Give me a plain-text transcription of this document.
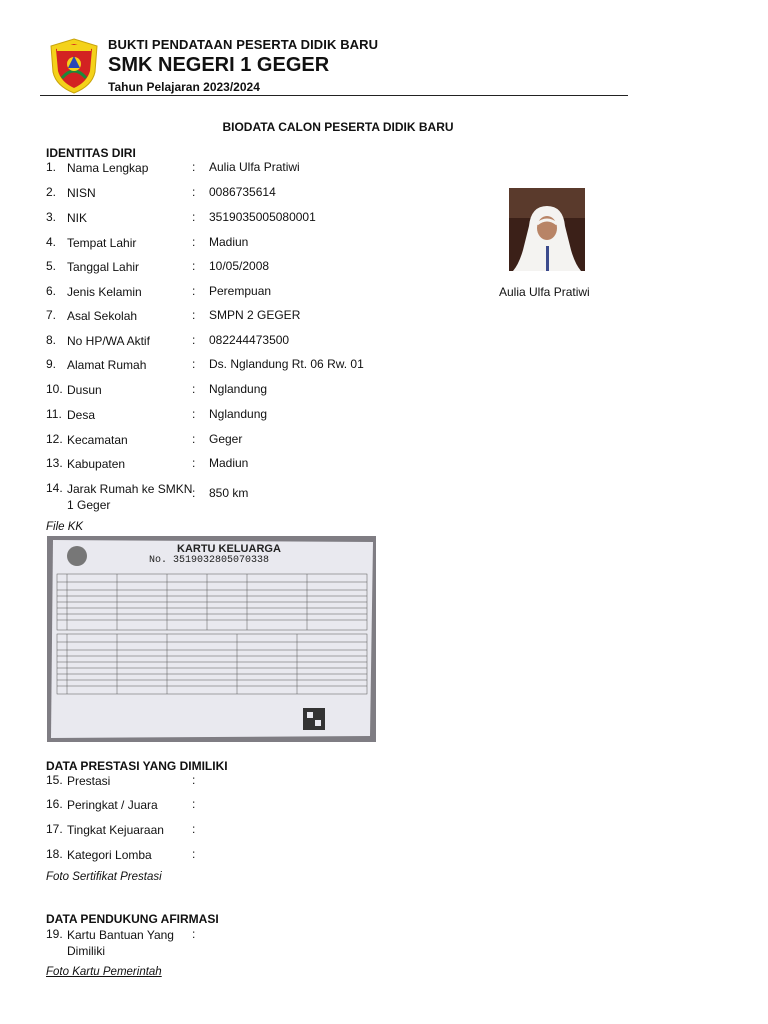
BUKTI PENDATAAN PESERTA DIDIK BARU
SMK NEGERI 1 GEGER
Tahun Pelajaran 2023/2024
BIODATA CALON PESERTA DIDIK BARU
IDENTITAS DIRI
1. Nama Lengkap	: Aulia Ulfa Pratiwi
2. NISN	: 0086735614
3. NIK	: 3519035005080001
4. Tempat Lahir	: Madiun
5. Tanggal Lahir	: 10/05/2008
6. Jenis Kelamin	: Perempuan
7. Asal Sekolah	: SMPN 2 GEGER
8. No HP/WA Aktif	: 082244473500
9. Alamat Rumah	: Ds. Nglandung Rt. 06 Rw. 01
10. Dusun	: Nglandung
11. Desa	: Nglandung
12. Kecamatan	: Geger
13. Kabupaten	: Madiun
14. Jarak Rumah ke SMKN 1 Geger
: 850 km
Aulia Ulfa Pratiwi
File KK
KARTU KELUARGA
No. 3519032805070338
DATA PRESTASI YANG DIMILIKI
15. Prestasi	:
16. Peringkat / Juara	:
17. Tingkat Kejuaraan	:
18. Kategori Lomba	:
Foto Sertifikat Prestasi
DATA PENDUKUNG AFIRMASI
19. Kartu Bantuan Yang Dimiliki
:
Foto Kartu Pemerintah
